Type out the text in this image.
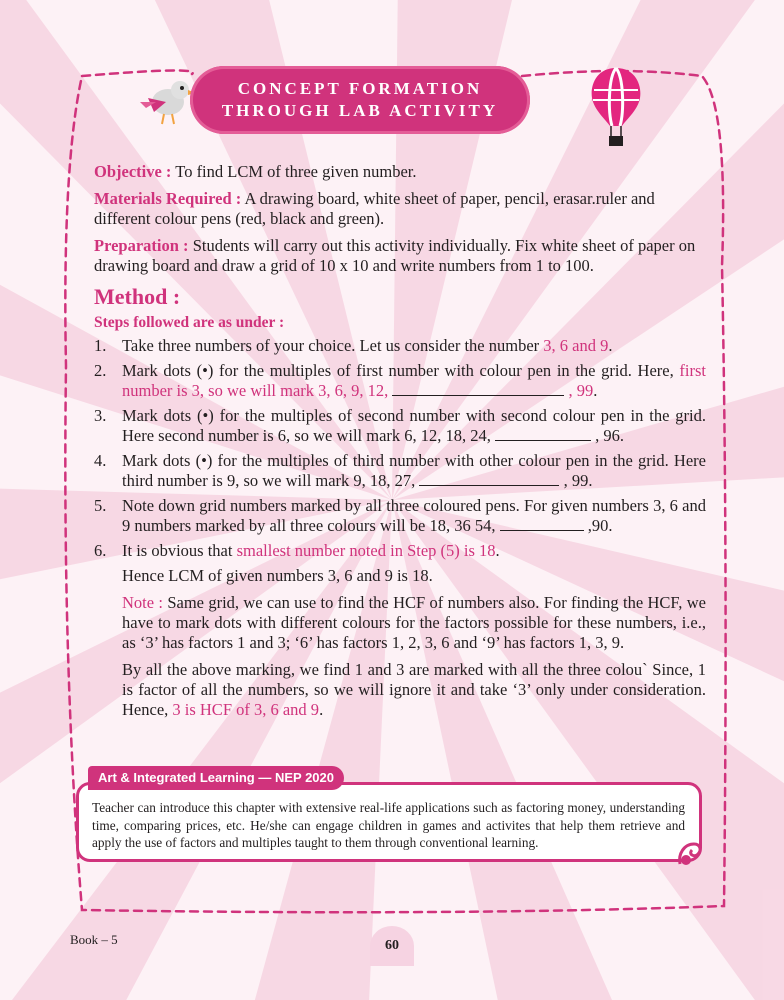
CONCEPT FORMATION
THROUGH LAB ACTIVITY

Objective : To find LCM of three given number.

Materials Required : A drawing board, white sheet of paper, pencil, erasar.ruler and different colour pens (red, black and green).

Preparation : Students will carry out this activity individually. Fix white sheet of paper on drawing board and draw a grid of 10 x 10 and write numbers from 1 to 100.

Method :
Steps followed are as under :
1. Take three numbers of your choice. Let us consider the number 3, 6 and 9.
2. Mark dots (•) for the multiples of first number with colour pen in the grid. Here, first number is 3, so we will mark 3, 6, 9, 12,	, 99.
3. Mark dots (•) for the multiples of second number with second colour pen in the grid. Here second number is 6, so we will mark 6, 12, 18, 24,	, 96.
4. Mark dots (•) for the multiples of third number with other colour pen in the grid. Here third number is 9, so we will mark 9, 18, 27,	, 99.
5. Note down grid numbers marked by all three coloured pens. For given numbers 3, 6 and 9 numbers marked by all three colours will be 18, 36 54,	,90.
6. It is obvious that smallest number noted in Step (5) is 18.

Hence LCM of given numbers 3, 6 and 9 is 18.

Note : Same grid, we can use to find the HCF of numbers also. For finding the HCF, we have to mark dots with different colours for the factors possible for these numbers, i.e., as ‘3’ has factors 1 and 3; ‘6’ has factors 1, 2, 3, 6 and ‘9’ has factors 1, 3, 9.

By all the above marking, we find 1 and 3 are marked with all the three colou` Since, 1 is factor of all the numbers, so we will ignore it and take ‘3’ only under consideration. Hence, 3 is HCF of 3, 6 and 9.

Teacher can introduce this chapter with extensive real-life applications such as factoring money, understanding time, comparing prices, etc. He/she can engage children in games and activites that help them retrieve and apply the use of factors and multiples taught to them through conventional learning.
Art & Integrated Learning — NEP 2020
Book – 5	60
